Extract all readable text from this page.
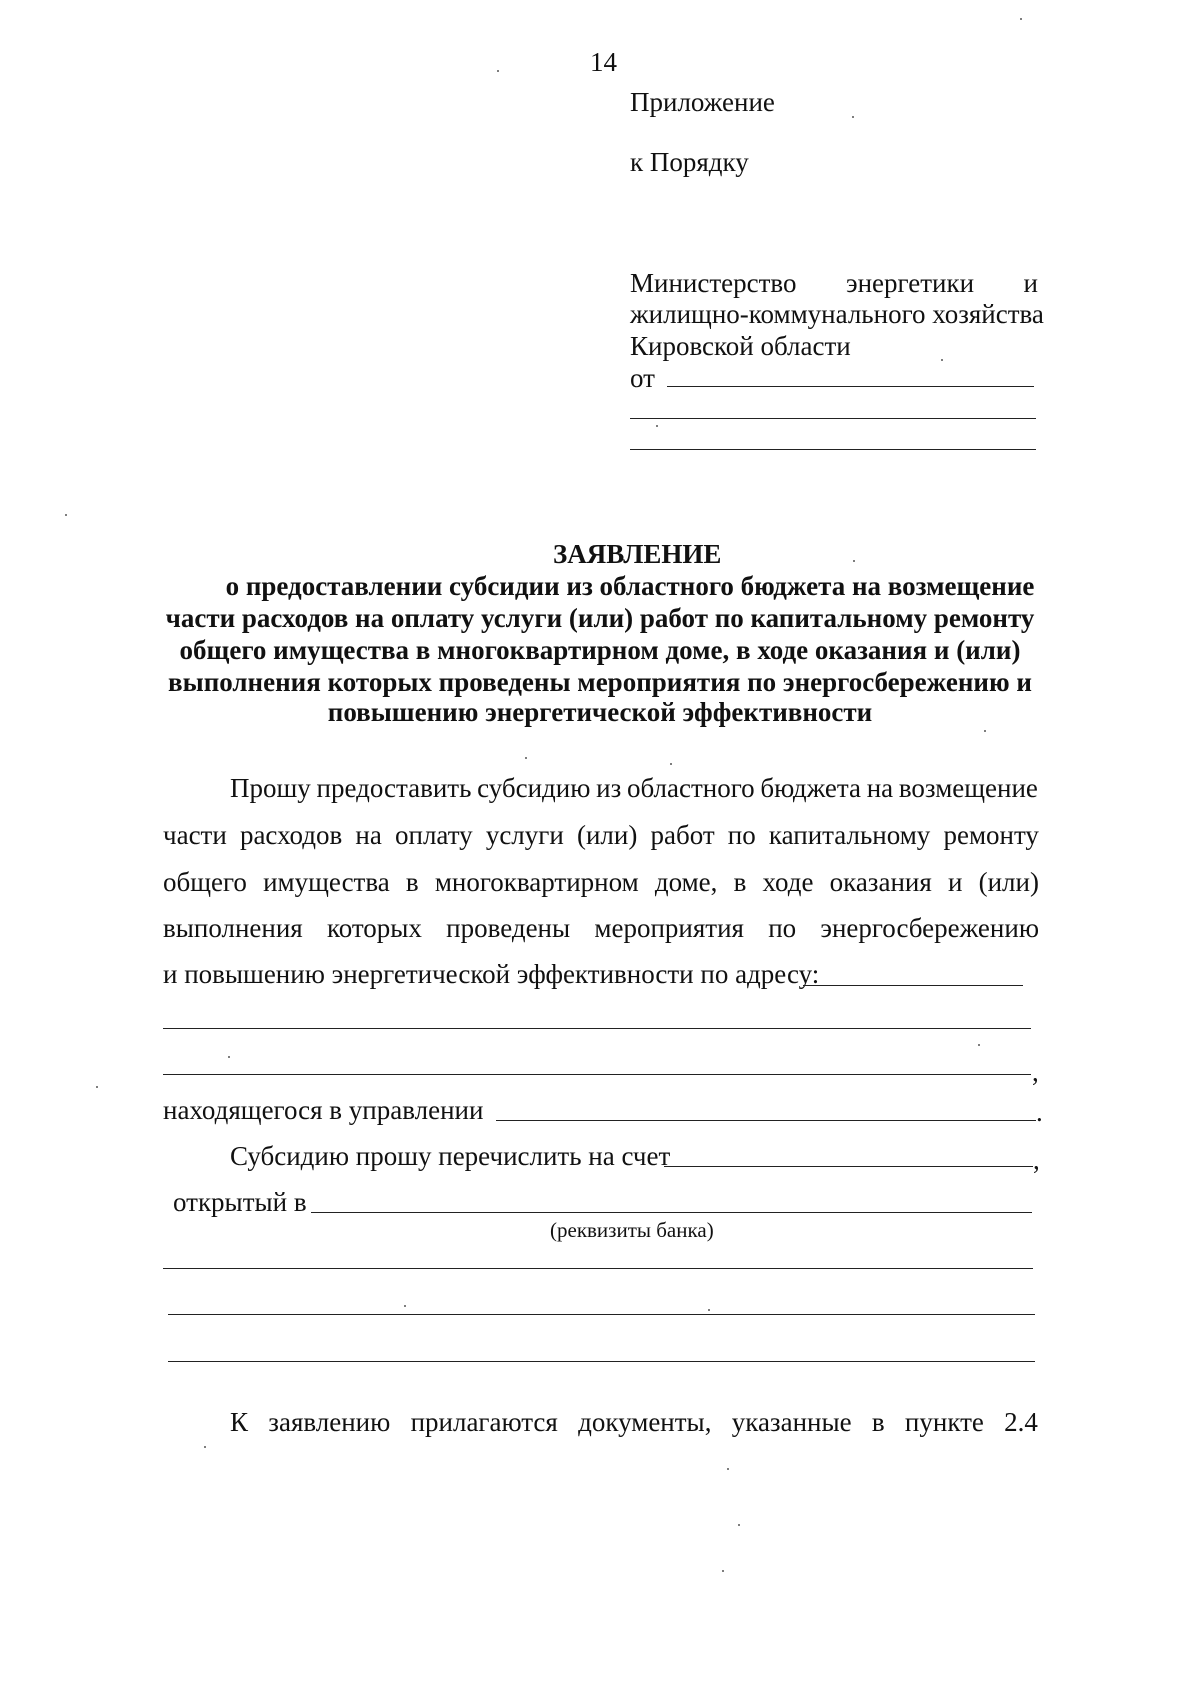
14
Приложение
к Порядку
Министерство энергетики и
жилищно-коммунального хозяйства
Кировской области
от
ЗАЯВЛЕНИЕ
о предоставлении субсидии из областного бюджета на возмещение
части расходов на оплату услуги (или) работ по капитальному ремонту
общего имущества в многоквартирном доме, в ходе оказания и (или)
выполнения которых проведены мероприятия по энергосбережению и
повышению энергетической эффективности
Прошу предоставить субсидию из областного бюджета на возмещение
части расходов на оплату услуги (или) работ по капитальному ремонту
общего имущества в многоквартирном доме, в ходе оказания и (или)
выполнения которых проведены мероприятия по энергосбережению
и повышению энергетической эффективности по адресу:
,
находящегося в управлении	.
Субсидию прошу перечислить на счет	,
открытый в
(реквизиты банка)
К заявлению прилагаются документы, указанные в пункте 2.4
